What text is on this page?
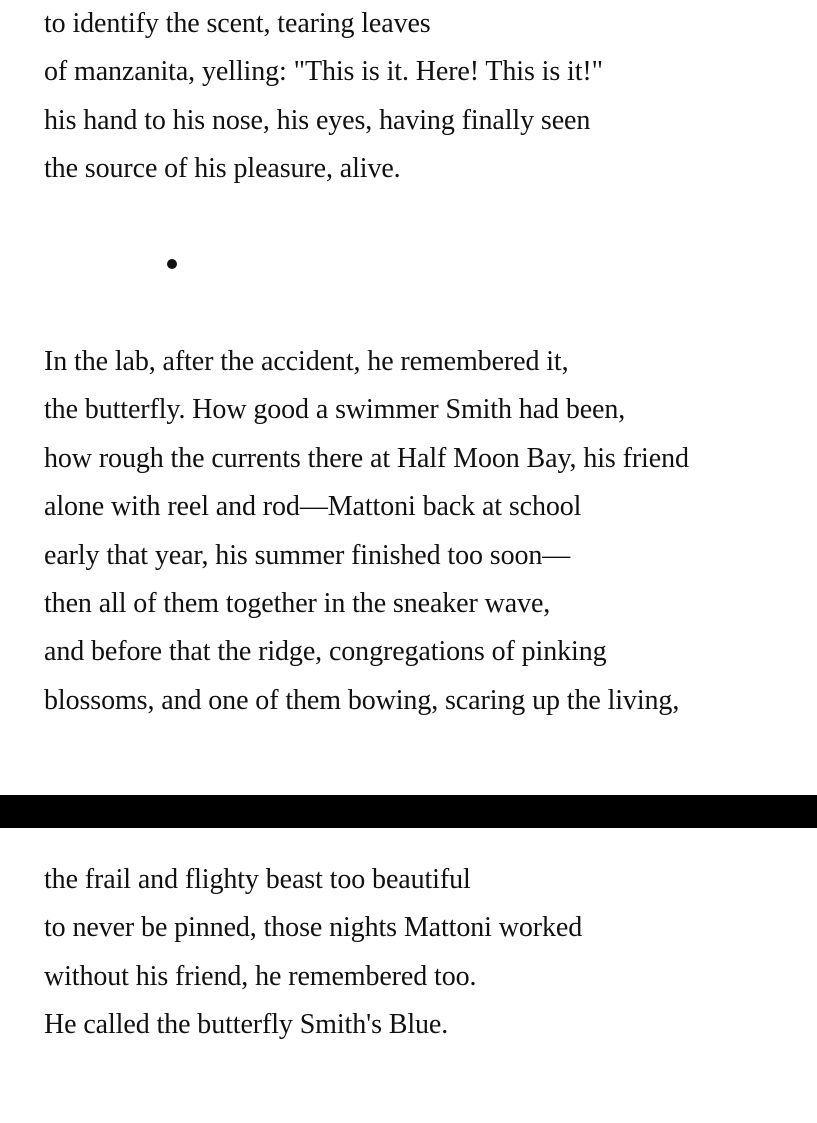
to identify the scent, tearing leaves
of manzanita, yelling: "This is it. Here! This is it!"
his hand to his nose, his eyes, having finally seen
the source of his pleasure, alive.
In the lab, after the accident, he remembered it,
the butterfly. How good a swimmer Smith had been,
how rough the currents there at Half Moon Bay, his friend
alone with reel and rod—Mattoni back at school
early that year, his summer finished too soon—
then all of them together in the sneaker wave,
and before that the ridge, congregations of pinking
blossoms, and one of them bowing, scaring up the living,
the frail and flighty beast too beautiful
to never be pinned, those nights Mattoni worked
without his friend, he remembered too.
He called the butterfly Smith's Blue.
